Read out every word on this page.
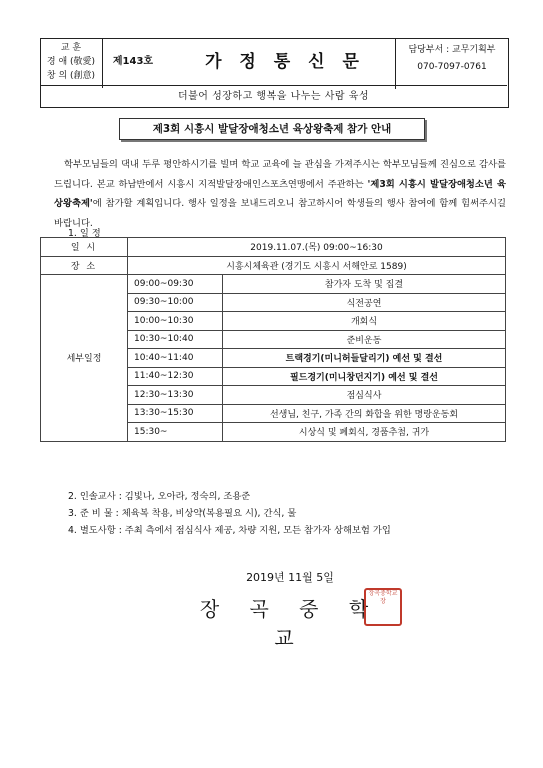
교 훈
경 애 (敬愛)
창 의 (創意)
제143호	가 정 통 신 문
담당부서 : 교무기획부
070-7097-0761
더불어 성장하고 행복을 나누는 사람 육성
제3회 시흥시 발달장애청소년 육상왕축제 참가 안내
학부모님들의 댁내 두루 평안하시기를 빌며 학교 교육에 늘 관심을 가져주시는 학부모님들께 진심으로 감사를 드립니다. 본교 하남반에서 시흥시 지적발달장애인스포츠연맹에서 주관하는 '제3회 시흥시 발달장애청소년 육상왕축제'에 참가할 계획입니다. 행사 일정을 보내드리오니 참고하시어 학생들의 행사 참여에 함께 힘써주시길 바랍니다.
1. 일 정
일 시	2019.11.07.(목) 09:00~16:30	
장 소	시흥시체육관 (경기도 시흥시 서해안로 1589)	
세부일정	09:00~09:30	참가자 도착 및 집결
	09:30~10:00	식전공연
	10:00~10:30	개회식
	10:30~10:40	준비운동
	10:40~11:40	트랙경기(미니허들달리기) 예선 및 결선
	11:40~12:30	필드경기(미니창던지기) 예선 및 결선
	12:30~13:30	점심식사
	13:30~15:30	선생님, 친구, 가족 간의 화합을 위한 명랑운동회
	15:30~	시상식 및 폐회식, 경품추첨, 귀가
2. 인솔교사 : 김빛나, 오아라, 정숙의, 조용준
3. 준 비 물 : 체육복 착용, 비상약(복용필요 시), 간식, 물
4. 별도사항 : 주최 측에서 점심식사 제공, 차량 지원, 모든 참가자 상해보험 가입
2019년 11월 5일
장 곡 중 학 교
장곡중학교장
